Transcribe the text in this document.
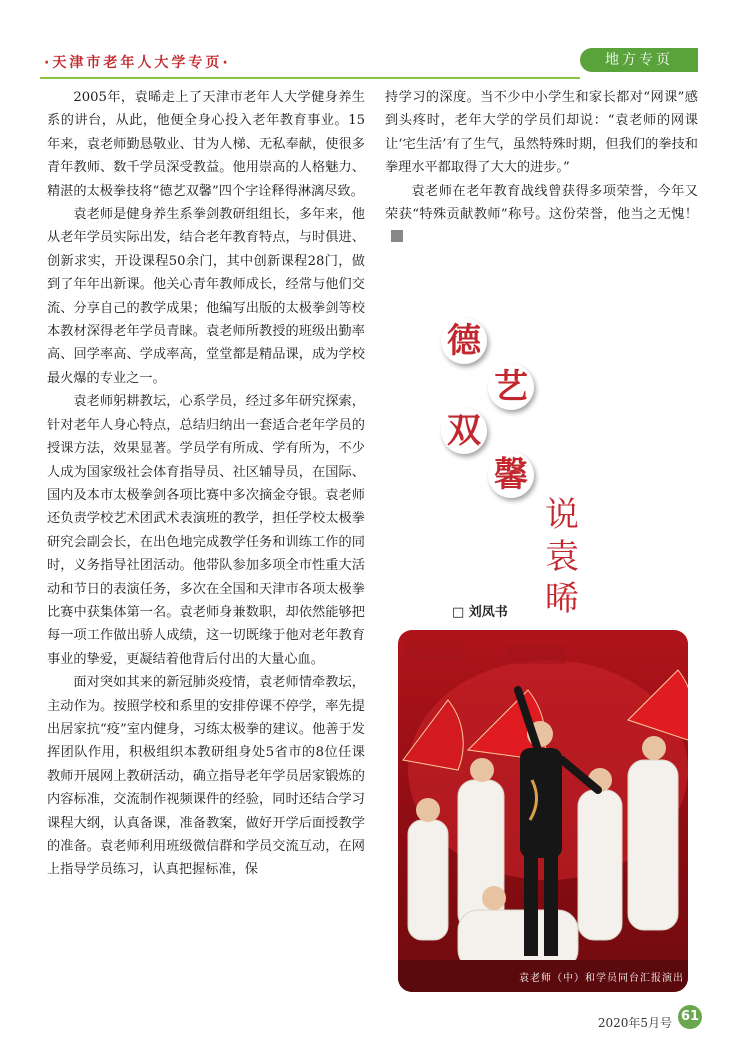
·天津市老年人大学专页·	地方专页

2005年，袁晞走上了天津市老年人大学健身养生系的讲台，从此，他便全身心投入老年教育事业。15年来，袁老师勤恳敬业、甘为人梯、无私奉献，使很多青年教师、数千学员深受教益。他用崇高的人格魅力、精湛的太极拳技将“德艺双馨”四个字诠释得淋漓尽致。

袁老师是健身养生系拳剑教研组组长，多年来，他从老年学员实际出发，结合老年教育特点，与时俱进、创新求实，开设课程50余门，其中创新课程28门，做到了年年出新课。他关心青年教师成长，经常与他们交流、分享自己的教学成果；他编写出版的太极拳剑等校本教材深得老年学员青睐。袁老师所教授的班级出勤率高、回学率高、学成率高，堂堂都是精品课，成为学校最火爆的专业之一。

袁老师躬耕教坛，心系学员，经过多年研究探索，针对老年人身心特点，总结归纳出一套适合老年学员的授课方法，效果显著。学员学有所成、学有所为，不少人成为国家级社会体育指导员、社区辅导员，在国际、国内及本市太极拳剑各项比赛中多次摘金夺银。袁老师还负责学校艺术团武术表演班的教学，担任学校太极拳研究会副会长，在出色地完成教学任务和训练工作的同时，义务指导社团活动。他带队参加多项全市性重大活动和节日的表演任务，多次在全国和天津市各项太极拳比赛中获集体第一名。袁老师身兼数职，却依然能够把每一项工作做出骄人成绩，这一切既缘于他对老年教育事业的挚爱，更凝结着他背后付出的大量心血。

面对突如其来的新冠肺炎疫情，袁老师情牵教坛，主动作为。按照学校和系里的安排停课不停学，率先提出居家抗“疫”室内健身，习练太极拳的建议。他善于发挥团队作用，积极组织本教研组身处5省市的8位任课教师开展网上教研活动，确立指导老年学员居家锻炼的内容标准，交流制作视频课件的经验，同时还结合学习课程大纲，认真备课，准备教案，做好开学后面授教学的准备。袁老师利用班级微信群和学员交流互动，在网上指导学员练习，认真把握标准，保

持学习的深度。当不少中小学生和家长都对“网课”感到头疼时，老年大学的学员们却说：“袁老师的网课让‘宅生活’有了生气，虽然特殊时期，但我们的拳技和拳理水平都取得了大大的进步。”

袁老师在老年教育战线曾获得多项荣誉，今年又荣获“特殊贡献教师”称号。这份荣誉，他当之无愧！

德
艺
双
馨
说
袁
晞
□ 刘凤书
袁老师（中）和学员同台汇报演出
2020年5月号 61
